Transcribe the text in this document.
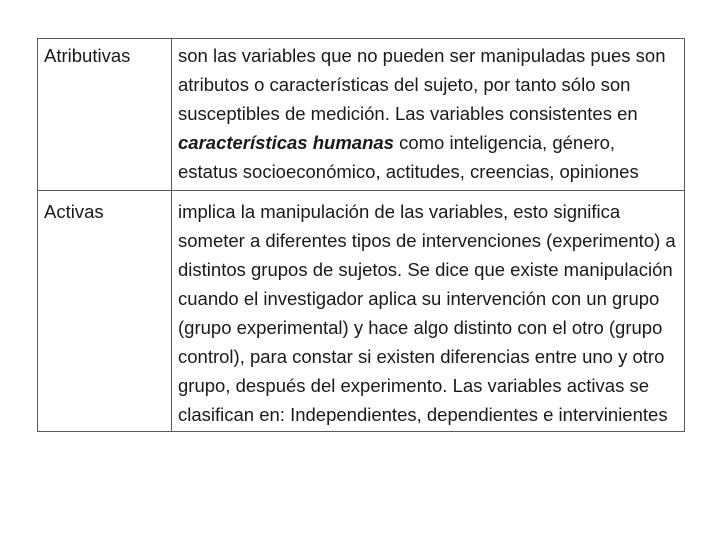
Atributivas	son las variables que no pueden ser manipuladas pues son atributos o características del sujeto, por tanto sólo son susceptibles de medición. Las variables consistentes en características humanas como inteligencia, género, estatus socioeconómico, actitudes, creencias, opiniones
Activas	implica la manipulación de las variables, esto significa someter a diferentes tipos de intervenciones (experimento) a distintos grupos de sujetos. Se dice que existe manipulación cuando el investigador aplica su intervención con un grupo (grupo experimental) y hace algo distinto con el otro (grupo control), para constar si existen diferencias entre uno y otro grupo, después del experimento. Las variables activas se clasifican en: Independientes, dependientes e intervinientes
